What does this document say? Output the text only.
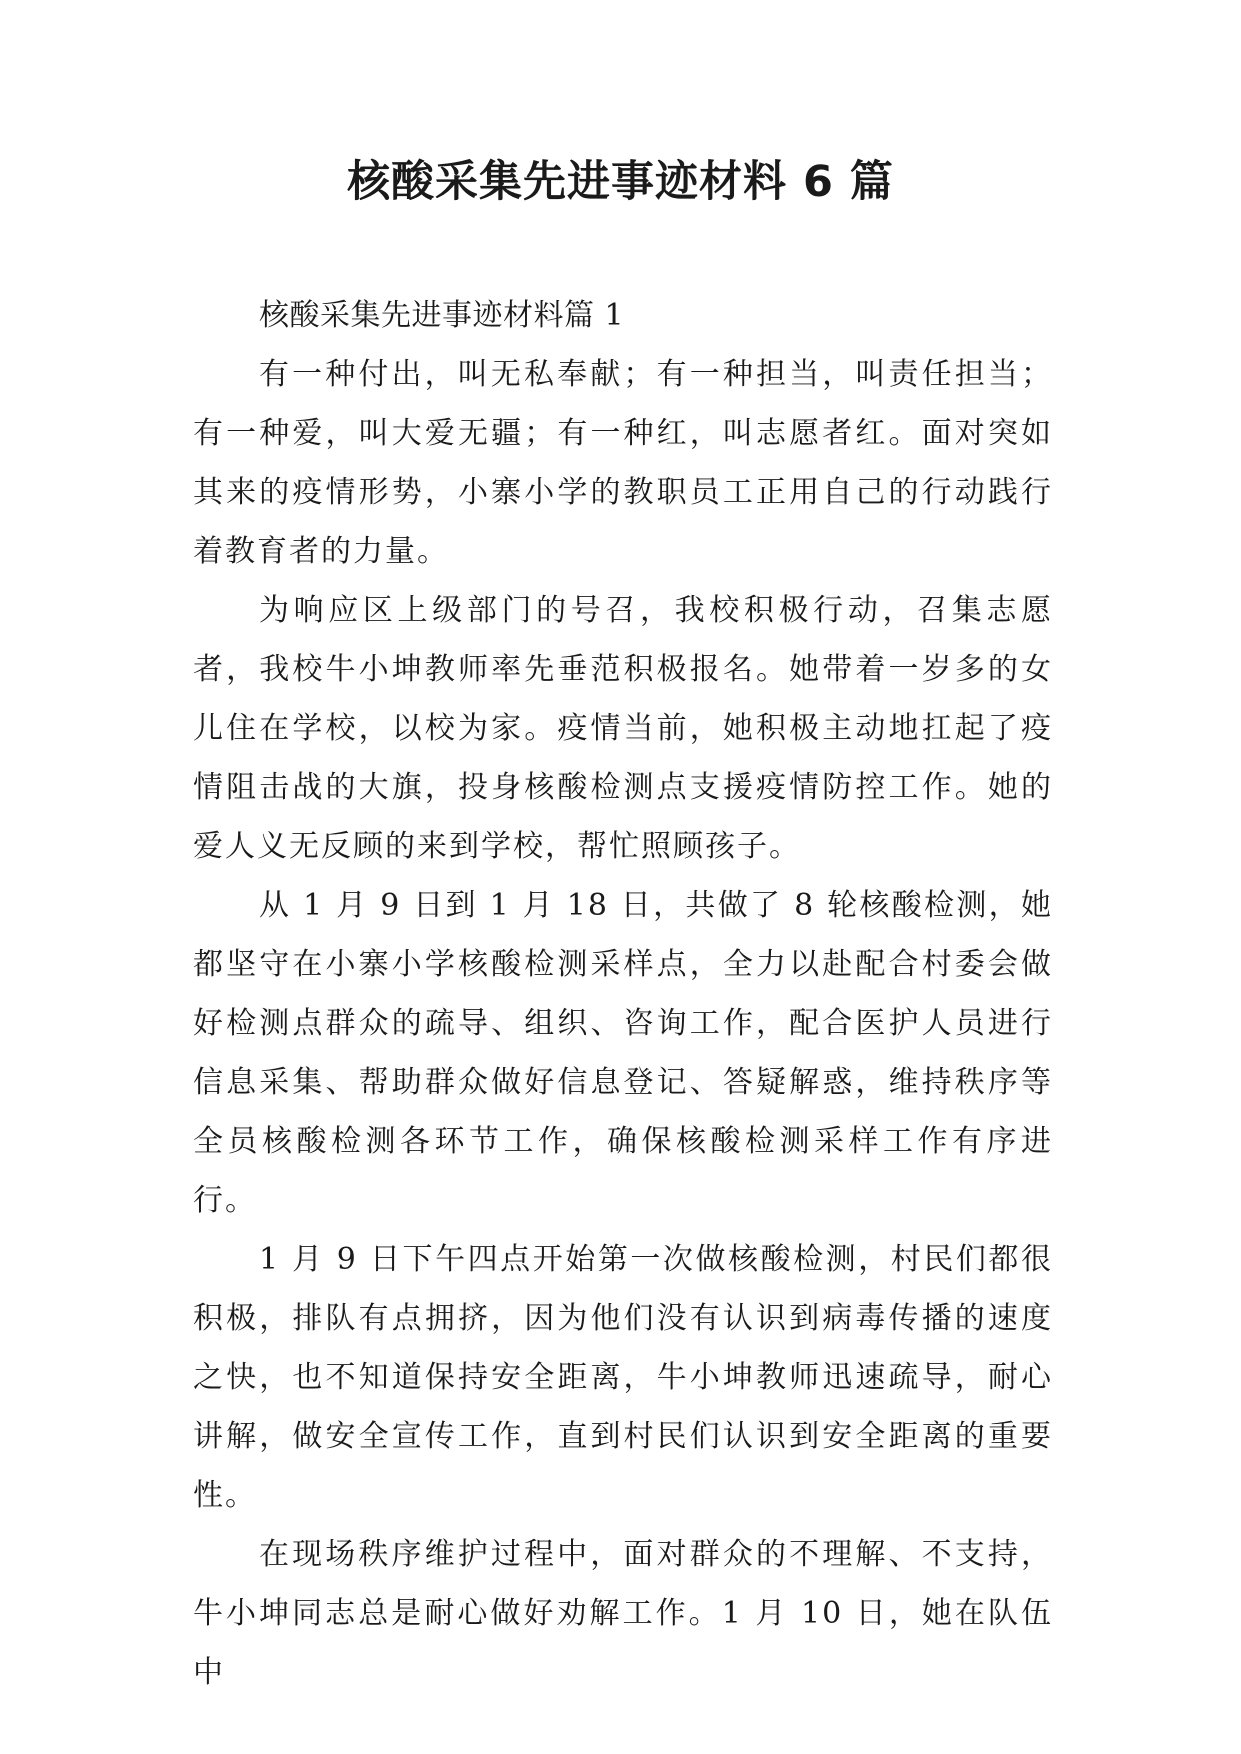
核酸采集先进事迹材料 6 篇

核酸采集先进事迹材料篇 1

有一种付出，叫无私奉献；有一种担当，叫责任担当；有一种爱，叫大爱无疆；有一种红，叫志愿者红。面对突如其来的疫情形势，小寨小学的教职员工正用自己的行动践行着教育者的力量。

为响应区上级部门的号召，我校积极行动，召集志愿者，我校牛小坤教师率先垂范积极报名。她带着一岁多的女儿住在学校，以校为家。疫情当前，她积极主动地扛起了疫情阻击战的大旗，投身核酸检测点支援疫情防控工作。她的爱人义无反顾的来到学校，帮忙照顾孩子。

从 1 月 9 日到 1 月 18 日，共做了 8 轮核酸检测，她都坚守在小寨小学核酸检测采样点，全力以赴配合村委会做好检测点群众的疏导、组织、咨询工作，配合医护人员进行信息采集、帮助群众做好信息登记、答疑解惑，维持秩序等全员核酸检测各环节工作，确保核酸检测采样工作有序进行。

1 月 9 日下午四点开始第一次做核酸检测，村民们都很积极，排队有点拥挤，因为他们没有认识到病毒传播的速度之快，也不知道保持安全距离，牛小坤教师迅速疏导，耐心讲解，做安全宣传工作，直到村民们认识到安全距离的重要性。

在现场秩序维护过程中，面对群众的不理解、不支持，牛小坤同志总是耐心做好劝解工作。1 月 10 日，她在队伍中
